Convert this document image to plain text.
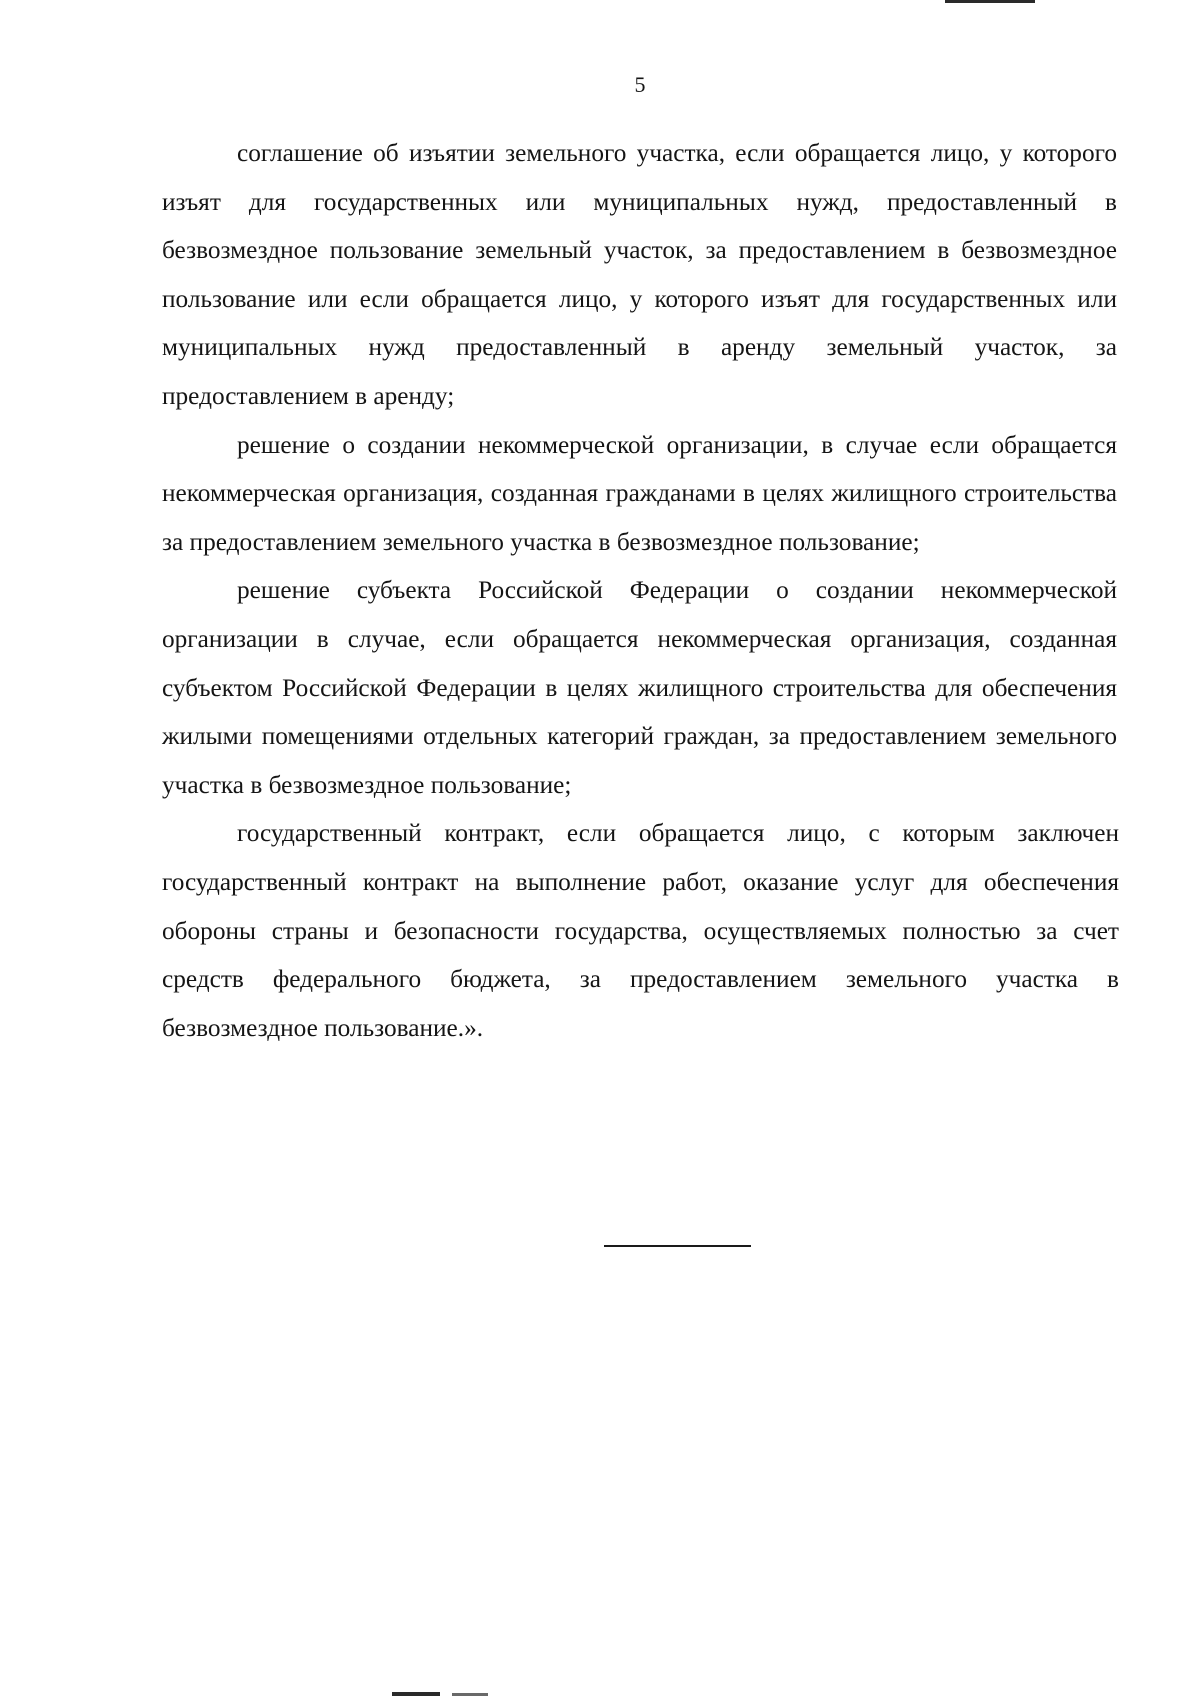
5

соглашение об изъятии земельного участка, если обращается лицо, у которого изъят для государственных или муниципальных нужд, предоставленный в безвозмездное пользование земельный участок, за предоставлением в безвозмездное пользование или если обращается лицо, у которого изъят для государственных или муниципальных нужд предоставленный в аренду земельный участок, за предоставлением в аренду;

решение о создании некоммерческой организации, в случае если обращается некоммерческая организация, созданная гражданами в целях жилищного строительства за предоставлением земельного участка в безвозмездное пользование;

решение субъекта Российской Федерации о создании некоммерческой организации в случае, если обращается некоммерческая организация, созданная субъектом Российской Федерации в целях жилищного строительства для обеспечения жилыми помещениями отдельных категорий граждан, за предоставлением земельного участка в безвозмездное пользование;

государственный контракт, если обращается лицо, с которым заключен государственный контракт на выполнение работ, оказание услуг для обеспечения обороны страны и безопасности государства, осуществляемых полностью за счет средств федерального бюджета, за предоставлением земельного участка в безвозмездное пользование.».
